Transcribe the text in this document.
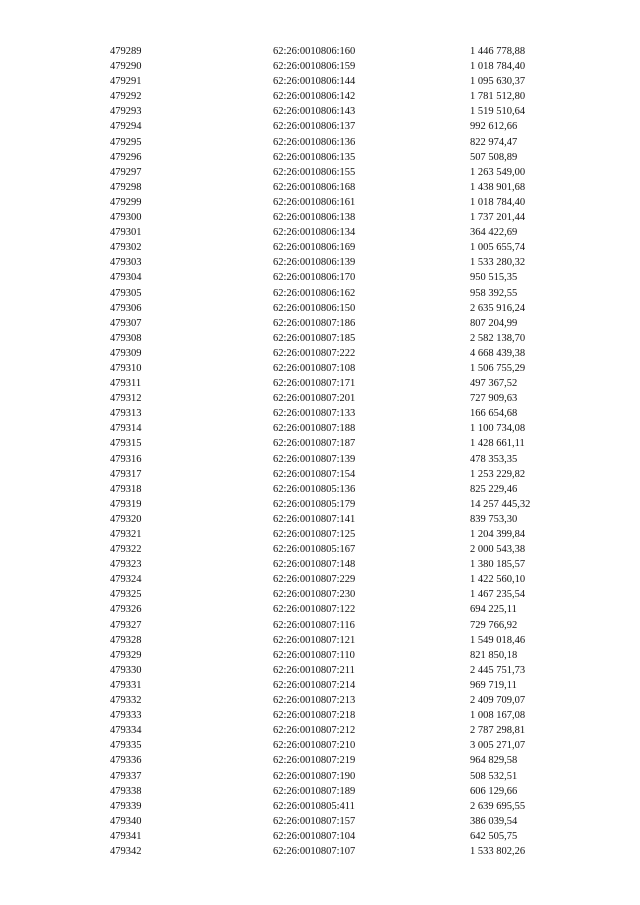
479289	62:26:0010806:160	1 446 778,88
479290	62:26:0010806:159	1 018 784,40
479291	62:26:0010806:144	1 095 630,37
479292	62:26:0010806:142	1 781 512,80
479293	62:26:0010806:143	1 519 510,64
479294	62:26:0010806:137	992 612,66
479295	62:26:0010806:136	822 974,47
479296	62:26:0010806:135	507 508,89
479297	62:26:0010806:155	1 263 549,00
479298	62:26:0010806:168	1 438 901,68
479299	62:26:0010806:161	1 018 784,40
479300	62:26:0010806:138	1 737 201,44
479301	62:26:0010806:134	364 422,69
479302	62:26:0010806:169	1 005 655,74
479303	62:26:0010806:139	1 533 280,32
479304	62:26:0010806:170	950 515,35
479305	62:26:0010806:162	958 392,55
479306	62:26:0010806:150	2 635 916,24
479307	62:26:0010807:186	807 204,99
479308	62:26:0010807:185	2 582 138,70
479309	62:26:0010807:222	4 668 439,38
479310	62:26:0010807:108	1 506 755,29
479311	62:26:0010807:171	497 367,52
479312	62:26:0010807:201	727 909,63
479313	62:26:0010807:133	166 654,68
479314	62:26:0010807:188	1 100 734,08
479315	62:26:0010807:187	1 428 661,11
479316	62:26:0010807:139	478 353,35
479317	62:26:0010807:154	1 253 229,82
479318	62:26:0010805:136	825 229,46
479319	62:26:0010805:179	14 257 445,32
479320	62:26:0010807:141	839 753,30
479321	62:26:0010807:125	1 204 399,84
479322	62:26:0010805:167	2 000 543,38
479323	62:26:0010807:148	1 380 185,57
479324	62:26:0010807:229	1 422 560,10
479325	62:26:0010807:230	1 467 235,54
479326	62:26:0010807:122	694 225,11
479327	62:26:0010807:116	729 766,92
479328	62:26:0010807:121	1 549 018,46
479329	62:26:0010807:110	821 850,18
479330	62:26:0010807:211	2 445 751,73
479331	62:26:0010807:214	969 719,11
479332	62:26:0010807:213	2 409 709,07
479333	62:26:0010807:218	1 008 167,08
479334	62:26:0010807:212	2 787 298,81
479335	62:26:0010807:210	3 005 271,07
479336	62:26:0010807:219	964 829,58
479337	62:26:0010807:190	508 532,51
479338	62:26:0010807:189	606 129,66
479339	62:26:0010805:411	2 639 695,55
479340	62:26:0010807:157	386 039,54
479341	62:26:0010807:104	642 505,75
479342	62:26:0010807:107	1 533 802,26
